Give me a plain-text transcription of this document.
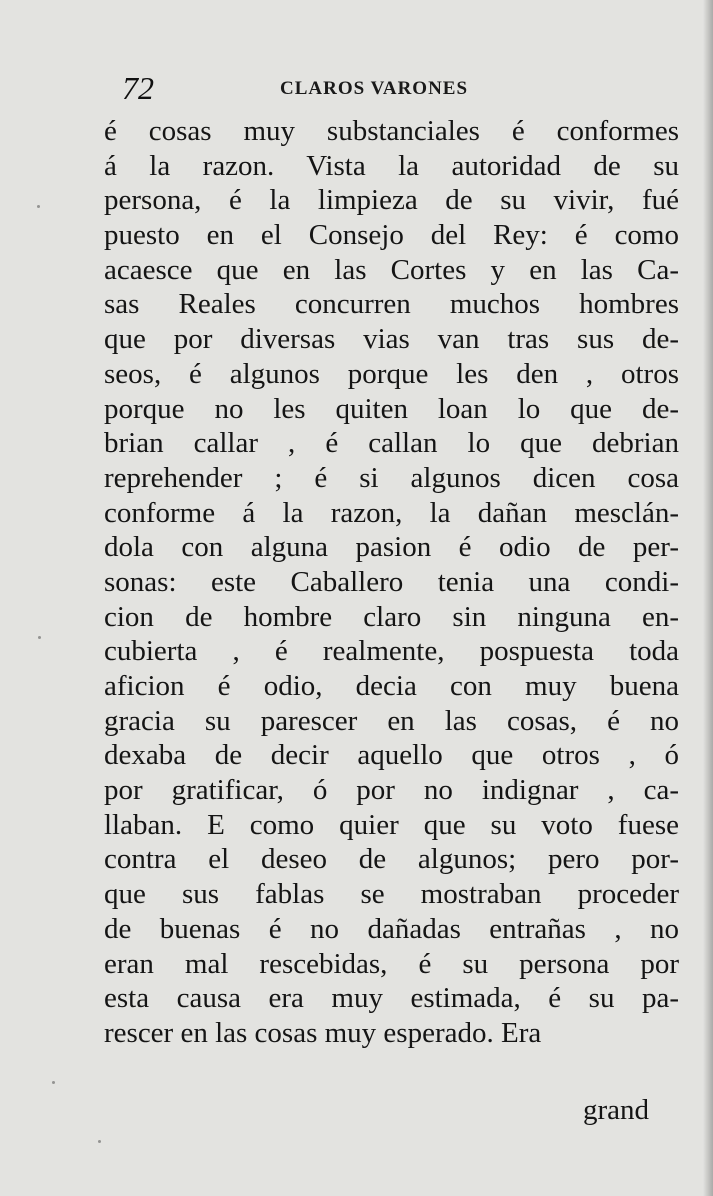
72	CLAROS VARONES
é cosas muy substanciales é conformes
á la razon. Vista la autoridad de su
persona, é la limpieza de su vivir, fué
puesto en el Consejo del Rey: é como
acaesce que en las Cortes y en las Ca-
sas Reales concurren muchos hombres
que por diversas vias van tras sus de-
seos, é algunos porque les den , otros
porque no les quiten loan lo que de-
brian callar , é callan lo que debrian
reprehender ; é si algunos dicen cosa
conforme á la razon, la dañan mesclán-
dola con alguna pasion é odio de per-
sonas: este Caballero tenia una condi-
cion de hombre claro sin ninguna en-
cubierta , é realmente, pospuesta toda
aficion é odio, decia con muy buena
gracia su parescer en las cosas, é no
dexaba de decir aquello que otros , ó
por gratificar, ó por no indignar , ca-
llaban. E como quier que su voto fuese
contra el deseo de algunos; pero por-
que sus fablas se mostraban proceder
de buenas é no dañadas entrañas , no
eran mal rescebidas, é su persona por
esta causa era muy estimada, é su pa-
rescer en las cosas muy esperado. Era
grand
